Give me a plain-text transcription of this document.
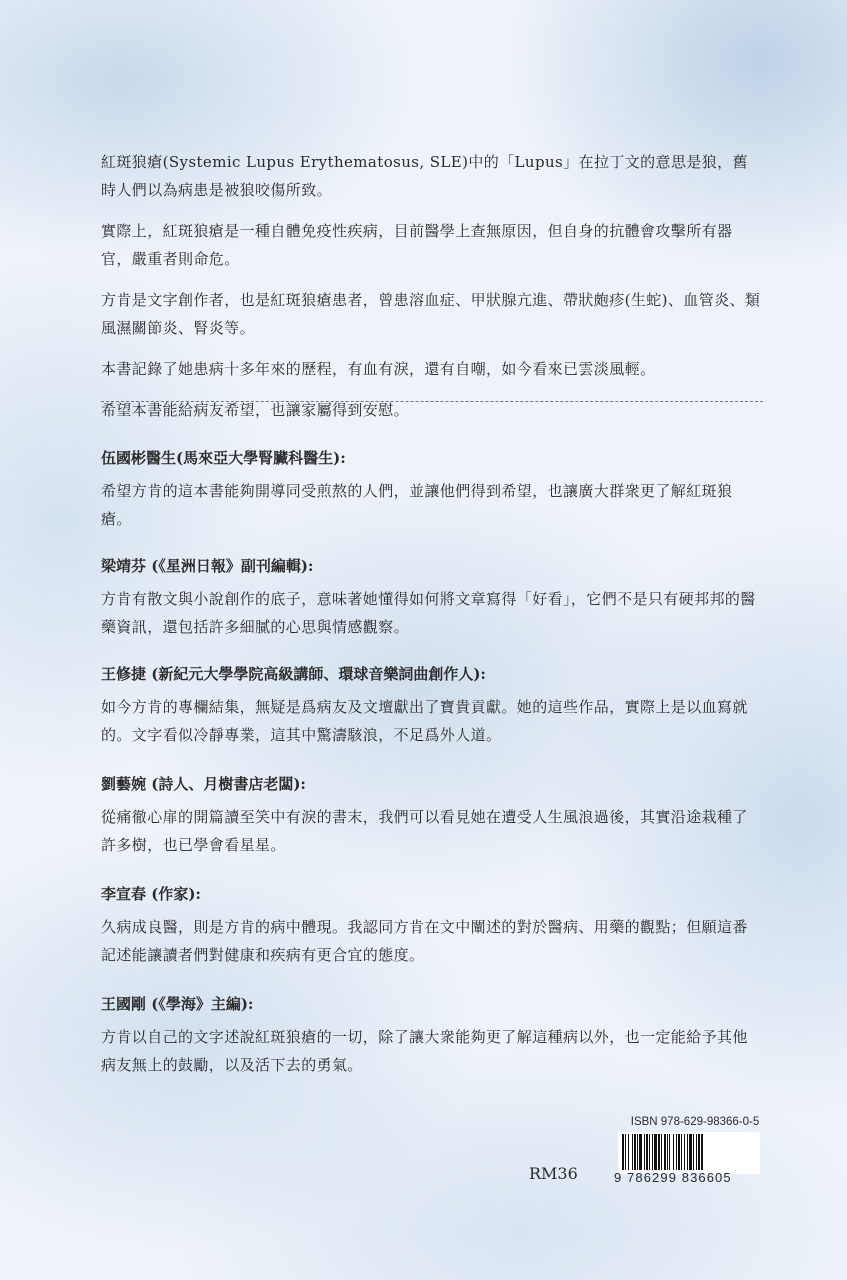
紅斑狼瘡(Systemic Lupus Erythematosus, SLE)中的「Lupus」在拉丁文的意思是狼，舊時人們以為病患是被狼咬傷所致。

實際上，紅斑狼瘡是一種自體免疫性疾病，目前醫學上查無原因，但自身的抗體會攻擊所有器官，嚴重者則命危。

方肯是文字創作者，也是紅斑狼瘡患者，曾患溶血症、甲狀腺亢進、帶狀皰疹(生蛇)、血管炎、類風濕關節炎、腎炎等。

本書記錄了她患病十多年來的歷程，有血有淚，還有自嘲，如今看來已雲淡風輕。

希望本書能給病友希望，也讓家屬得到安慰。

伍國彬醫生(馬來亞大學腎臟科醫生):

希望方肯的這本書能夠開導同受煎熬的人們，並讓他們得到希望，也讓廣大群衆更了解紅斑狼瘡。

梁靖芬 (《星洲日報》副刊編輯):

方肯有散文與小說創作的底子，意味著她懂得如何將文章寫得「好看」，它們不是只有硬邦邦的醫藥資訊，還包括許多細膩的心思與情感觀察。

王修捷 (新紀元大學學院高級講師、環球音樂詞曲創作人):

如今方肯的專欄結集，無疑是爲病友及文壇獻出了寶貴貢獻。她的這些作品，實際上是以血寫就的。文字看似冷靜專業，這其中驚濤駭浪，不足爲外人道。

劉藝婉 (詩人、月樹書店老闆):

從痛徹心扉的開篇讀至笑中有淚的書末，我們可以看見她在遭受人生風浪過後，其實沿途栽種了許多樹，也已學會看星星。

李宣春 (作家):

久病成良醫，則是方肯的病中體現。我認同方肯在文中闡述的對於醫病、用藥的觀點；但願這番記述能讓讀者們對健康和疾病有更合宜的態度。

王國剛 (《學海》主編):

方肯以自己的文字述說紅斑狼瘡的一切，除了讓大衆能夠更了解這種病以外，也一定能給予其他病友無上的鼓勵，以及活下去的勇氣。

RM36
ISBN 978-629-98366-0-5
9 786299 836605
